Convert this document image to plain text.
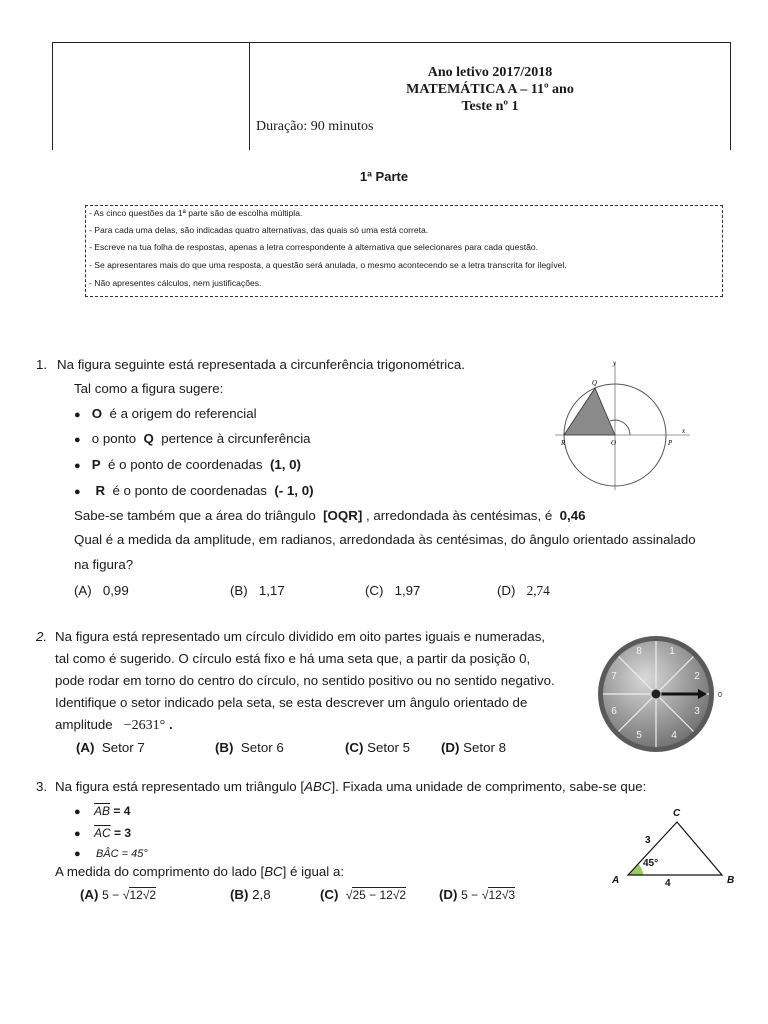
Ano letivo 2017/2018
MATEMÁTICA A – 11º ano
Teste nº 1
Duração: 90 minutos
1ª Parte
- As cinco questões da 1ª parte são de escolha múltipla.
- Para cada uma delas, são indicadas quatro alternativas, das quais só uma está correta.
- Escreve na tua folha de respostas, apenas a letra correspondente à alternativa que selecionares para cada questão.
- Se apresentares mais do que uma resposta, a questão será anulada, o mesmo acontecendo se a letra transcrita for ilegível.
- Não apresentes cálculos, nem justificações.
1. Na figura seguinte está representada a circunferência trigonométrica.
Tal como a figura sugere:
● O é a origem do referencial
● o ponto Q pertence à circunferência
● P é o ponto de coordenadas (1, 0)
● R é o ponto de coordenadas (- 1, 0)
Sabe-se também que a área do triângulo [OQR] , arredondada às centésimas, é 0,46
Qual é a medida da amplitude, em radianos, arredondada às centésimas, do ângulo orientado assinalado
na figura?
(A) 0,99	(B) 1,17	(C) 1,97	(D) 2,74
y
x
Q
R	O	P
2. Na figura está representado um círculo dividido em oito partes iguais e numeradas,
tal como é sugerido. O círculo está fixo e há uma seta que, a partir da posição 0,
pode rodar em torno do centro do círculo, no sentido positivo ou no sentido negativo.
Identifique o setor indicado pela seta, se esta descrever um ângulo orientado de
amplitude −2631° .
(A) Setor 7	(B) Setor 6	(C) Setor 5 (D) Setor 8
1
2
3
4
5
6
7
8
0
3. Na figura está representado um triângulo [ABC]. Fixada uma unidade de comprimento, sabe-se que:
● $\overline{AB} = 4$
● $\overline{AC} = 3$
● BÂC = 45°
A medida do comprimento do lado [BC] é igual a:
(A) 5 − √12√2	(B) 2,8	(C) √25 − 12√2 (D) 5 − √12√3
C
A	B
3
4
45°
